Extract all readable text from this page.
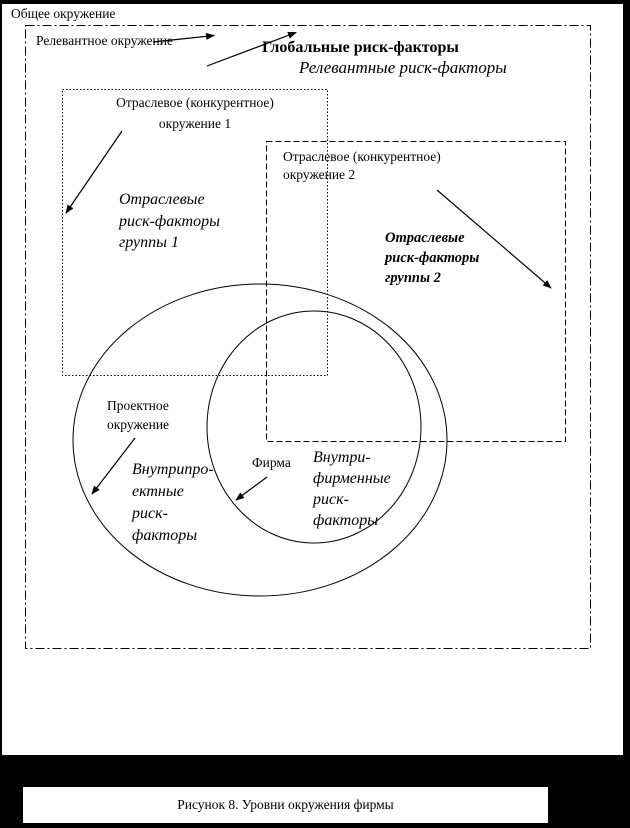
Общее окружение
Релевантное окружение	Глобальные риск-факторы
Релевантные риск-факторы
Отраслевое (конкурентное)
окружение 1
Отраслевые
риск-факторы
группы 1
Отраслевое (конкурентное)
окружение 2
Отраслевые
риск-факторы
группы 2
Проектное
окружение
Внутрипро-
ектные
риск-
факторы
Фирма Внутри-
фирменные
риск-
факторы
Рисунок 8. Уровни окружения фирмы
